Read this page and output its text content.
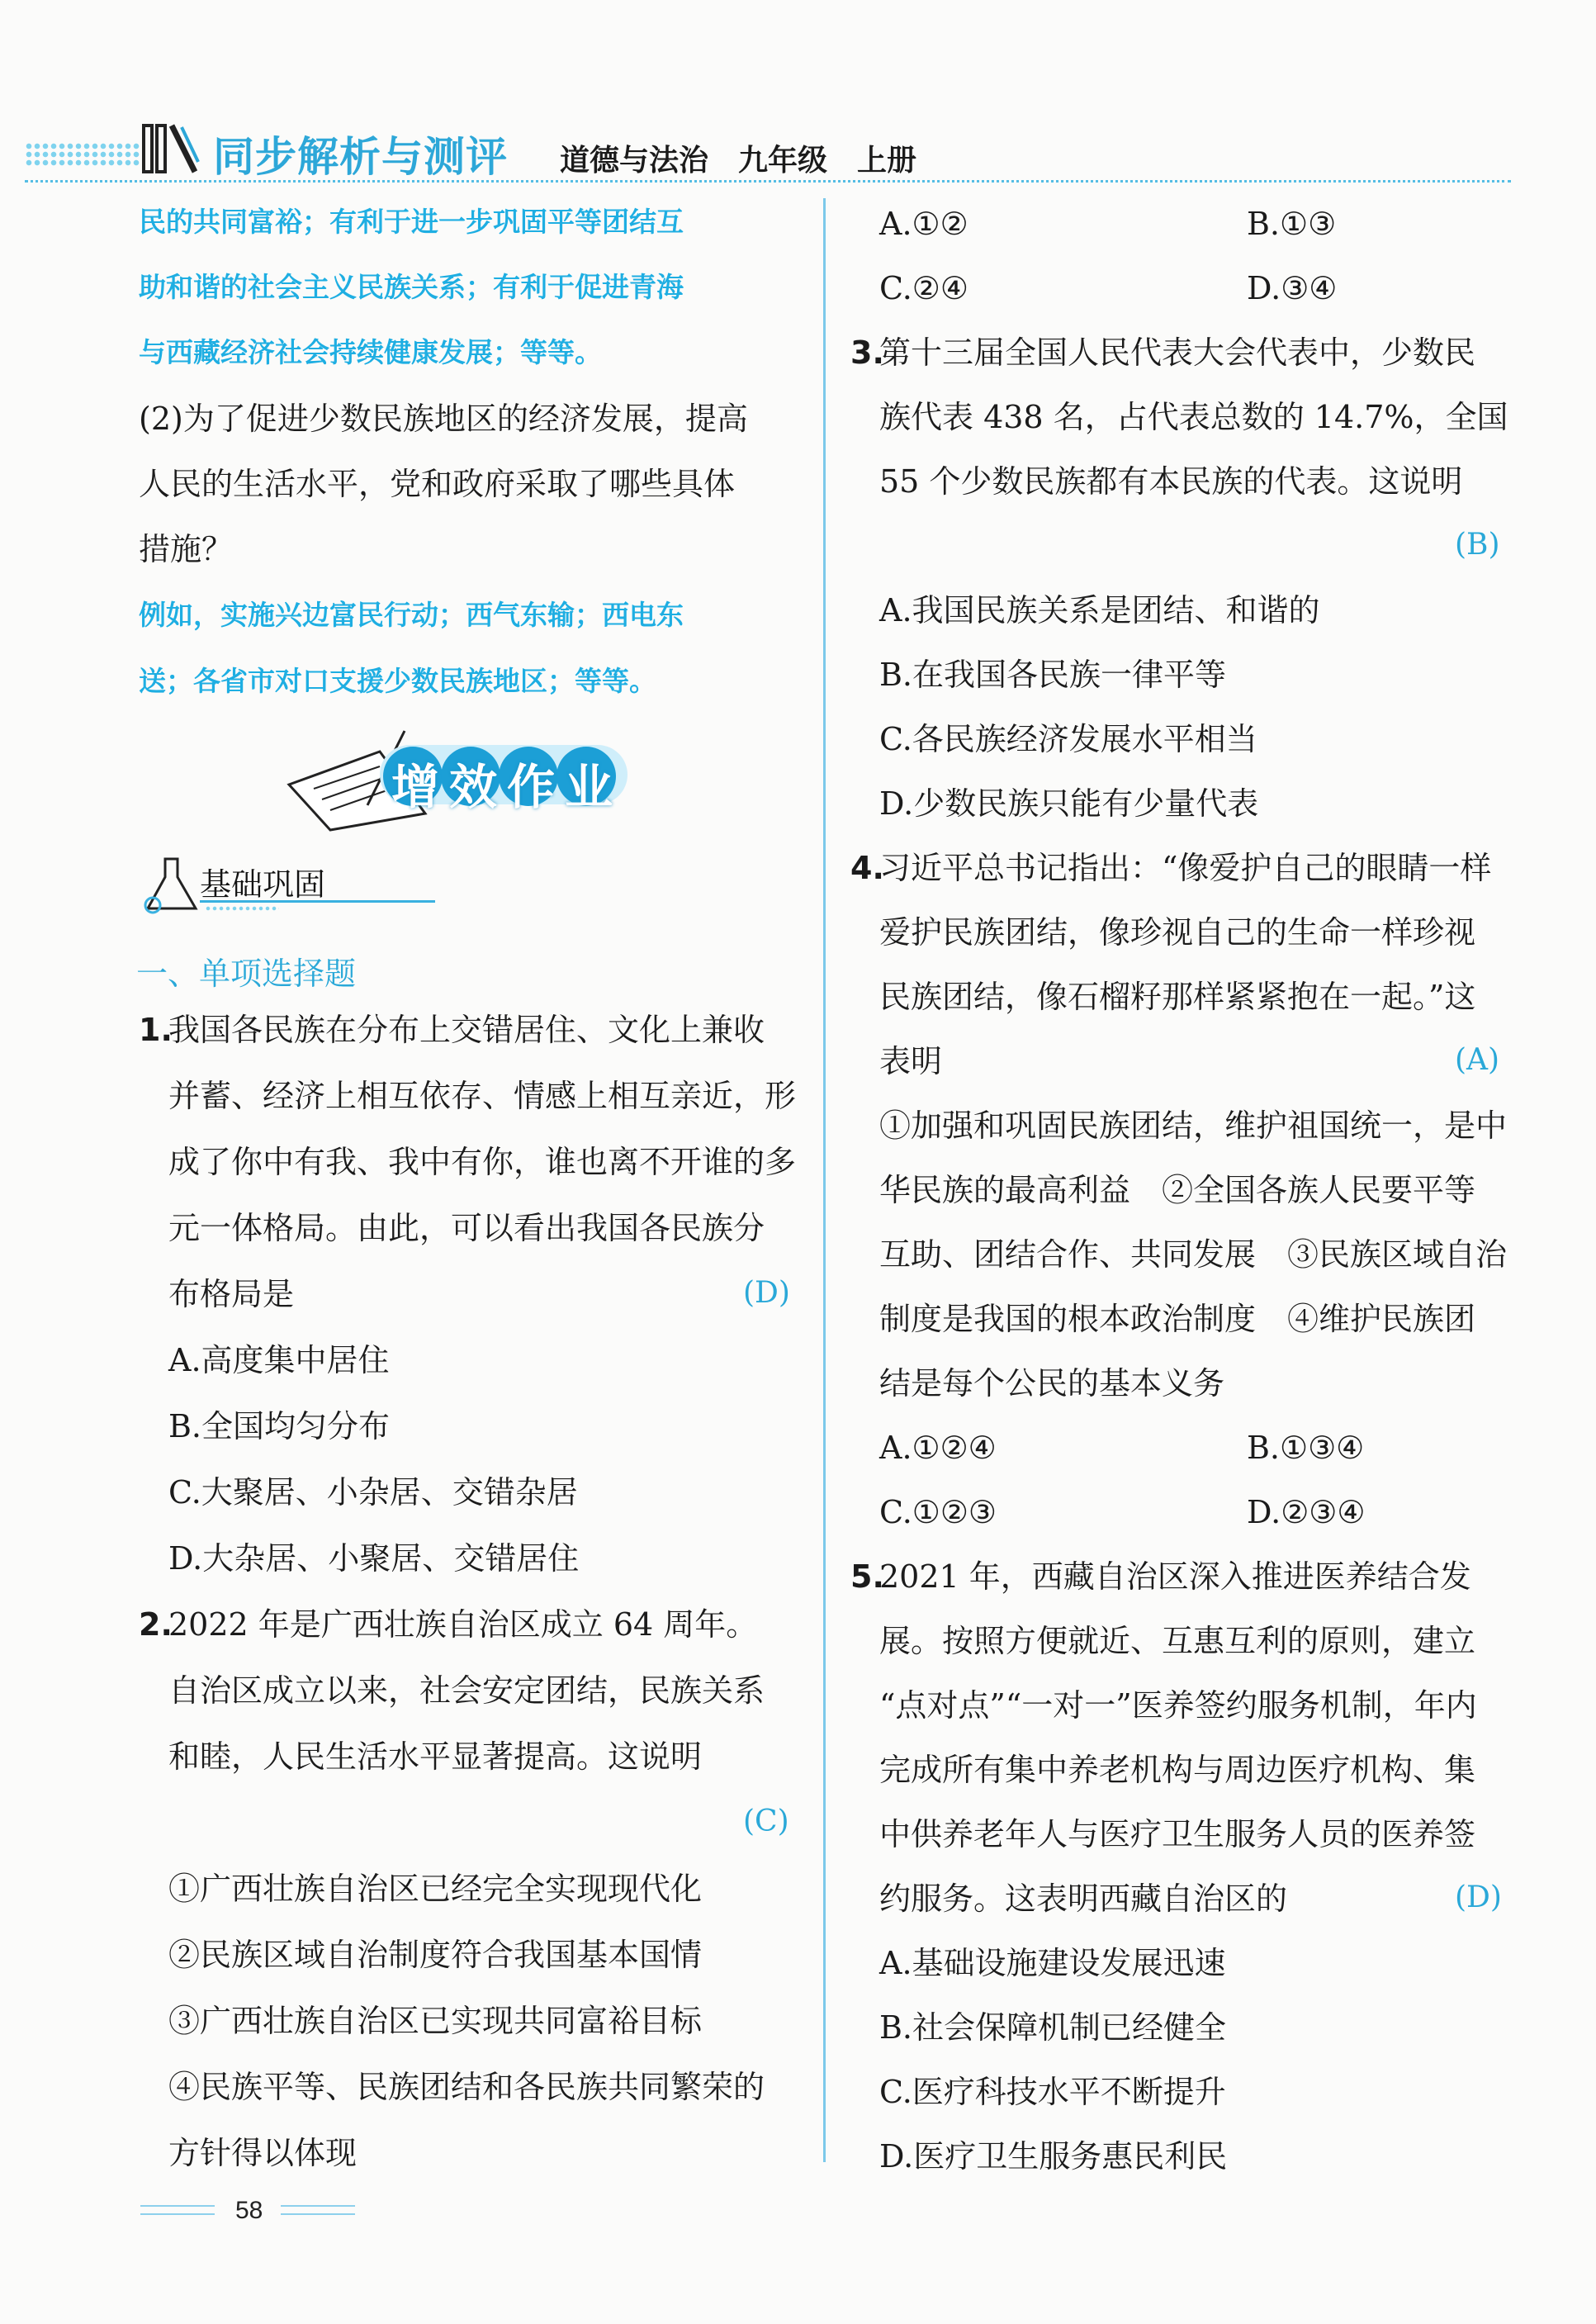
同步解析与测评 道德与法治　九年级　上册
民的共同富裕；有利于进一步巩固平等团结互
助和谐的社会主义民族关系；有利于促进青海
与西藏经济社会持续健康发展；等等。
(2)为了促进少数民族地区的经济发展，提高
人民的生活水平，党和政府采取了哪些具体
措施？
例如，实施兴边富民行动；西气东输；西电东
送；各省市对口支援少数民族地区；等等。
增效作业
基础巩固
一、单项选择题
1.
我国各民族在分布上交错居住、文化上兼收
并蓄、经济上相互依存、情感上相互亲近，形
成了你中有我、我中有你，谁也离不开谁的多
元一体格局。由此，可以看出我国各民族分
布格局是	(D)
A.高度集中居住
B.全国均匀分布
C.大聚居、小杂居、交错杂居
D.大杂居、小聚居、交错居住
2.
2022 年是广西壮族自治区成立 64 周年。
自治区成立以来，社会安定团结，民族关系
和睦，人民生活水平显著提高。这说明
(C)
①广西壮族自治区已经完全实现现代化
②民族区域自治制度符合我国基本国情
③广西壮族自治区已实现共同富裕目标
④民族平等、民族团结和各民族共同繁荣的
方针得以体现
58
A.①②	B.①③
C.②④	D.③④
3.
第十三届全国人民代表大会代表中，少数民
族代表 438 名，占代表总数的 14.7%，全国
55 个少数民族都有本民族的代表。这说明
(B)
A.我国民族关系是团结、和谐的
B.在我国各民族一律平等
C.各民族经济发展水平相当
D.少数民族只能有少量代表
4.
习近平总书记指出：“像爱护自己的眼睛一样
爱护民族团结，像珍视自己的生命一样珍视
民族团结，像石榴籽那样紧紧抱在一起。”这
表明	(A)
①加强和巩固民族团结，维护祖国统一，是中
华民族的最高利益　②全国各族人民要平等
互助、团结合作、共同发展　③民族区域自治
制度是我国的根本政治制度　④维护民族团
结是每个公民的基本义务
A.①②④	B.①③④
C.①②③	D.②③④
5.
2021 年，西藏自治区深入推进医养结合发
展。按照方便就近、互惠互利的原则，建立
“点对点”“一对一”医养签约服务机制，年内
完成所有集中养老机构与周边医疗机构、集
中供养老年人与医疗卫生服务人员的医养签
约服务。这表明西藏自治区的	(D)
A.基础设施建设发展迅速
B.社会保障机制已经健全
C.医疗科技水平不断提升
D.医疗卫生服务惠民利民
